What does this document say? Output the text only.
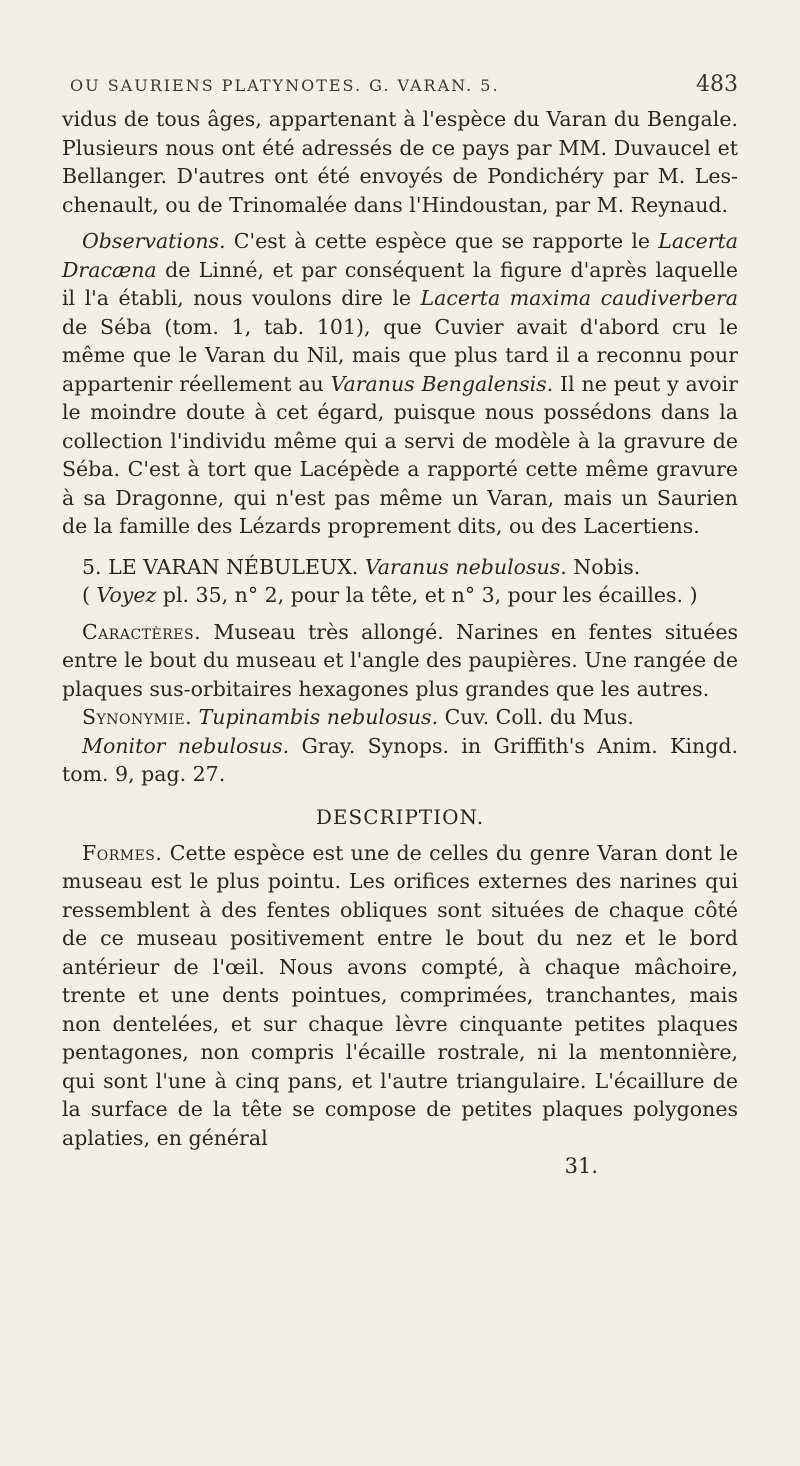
OU SAURIENS PLATYNOTES. G. VARAN. 5.	483

vidus de tous âges, appartenant à l'espèce du Varan du Bengale. Plusieurs nous ont été adressés de ce pays par MM. Duvaucel et Bellanger. D'autres ont été envoyés de Pondichéry par M. Les-chenault, ou de Trinomalée dans l'Hindoustan, par M. Reynaud.

Observations. C'est à cette espèce que se rapporte le Lacerta Dracæna de Linné, et par conséquent la figure d'après laquelle il l'a établi, nous voulons dire le Lacerta maxima caudiverbera de Séba (tom. 1, tab. 101), que Cuvier avait d'abord cru le même que le Varan du Nil, mais que plus tard il a reconnu pour appartenir réellement au Varanus Bengalensis. Il ne peut y avoir le moindre doute à cet égard, puisque nous possédons dans la collection l'individu même qui a servi de modèle à la gravure de Séba. C'est à tort que Lacépède a rapporté cette même gravure à sa Dragonne, qui n'est pas même un Varan, mais un Saurien de la famille des Lézards proprement dits, ou des Lacertiens.

5. LE VARAN NÉBULEUX. Varanus nebulosus. Nobis.

( Voyez pl. 35, n° 2, pour la tête, et n° 3, pour les écailles. )

Caractères. Museau très allongé. Narines en fentes situées entre le bout du museau et l'angle des paupières. Une rangée de plaques sus-orbitaires hexagones plus grandes que les autres.

Synonymie. Tupinambis nebulosus. Cuv. Coll. du Mus.

Monitor nebulosus. Gray. Synops. in Griffith's Anim. Kingd. tom. 9, pag. 27.

DESCRIPTION.

Formes. Cette espèce est une de celles du genre Varan dont le museau est le plus pointu. Les orifices externes des narines qui ressemblent à des fentes obliques sont situées de chaque côté de ce museau positivement entre le bout du nez et le bord antérieur de l'œil. Nous avons compté, à chaque mâchoire, trente et une dents pointues, comprimées, tranchantes, mais non dentelées, et sur chaque lèvre cinquante petites plaques pentagones, non compris l'écaille rostrale, ni la mentonnière, qui sont l'une à cinq pans, et l'autre triangulaire. L'écaillure de la surface de la tête se compose de petites plaques polygones aplaties, en général

31.
